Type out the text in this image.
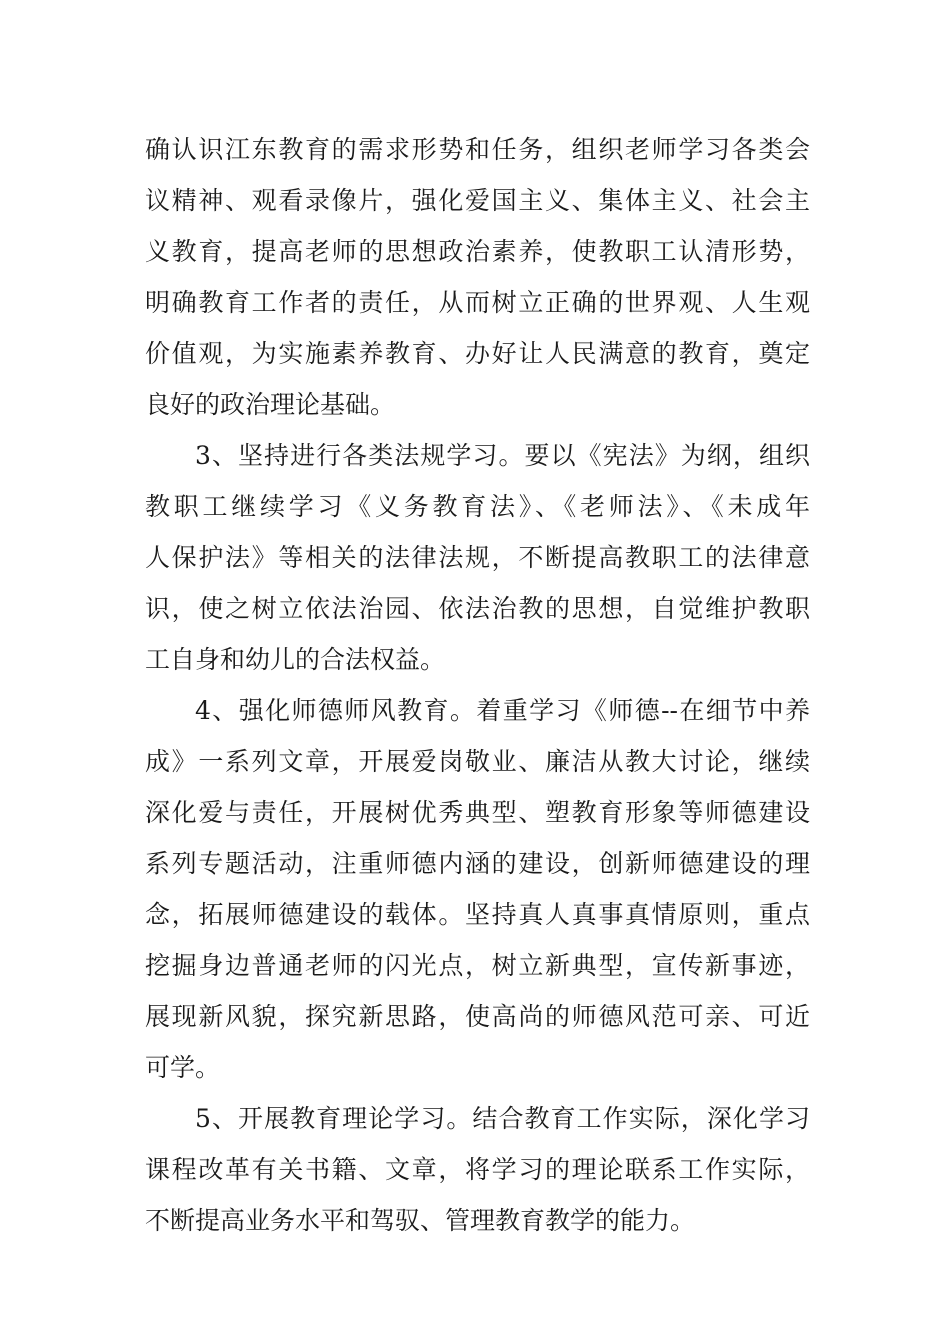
确认识江东教育的需求形势和任务，组织老师学习各类会
议精神、观看录像片，强化爱国主义、集体主义、社会主
义教育，提高老师的思想政治素养，使教职工认清形势，
明确教育工作者的责任，从而树立正确的世界观、人生观
价值观，为实施素养教育、办好让人民满意的教育，奠定
良好的政治理论基础。
3、坚持进行各类法规学习。要以《宪法》为纲，组织
教职工继续学习《义务教育法》、《老师法》、《未成年
人保护法》等相关的法律法规，不断提高教职工的法律意
识，使之树立依法治园、依法治教的思想，自觉维护教职
工自身和幼儿的合法权益。
4、强化师德师风教育。着重学习《师德--在细节中养
成》一系列文章，开展爱岗敬业、廉洁从教大讨论，继续
深化爱与责任，开展树优秀典型、塑教育形象等师德建设
系列专题活动，注重师德内涵的建设，创新师德建设的理
念，拓展师德建设的载体。坚持真人真事真情原则，重点
挖掘身边普通老师的闪光点，树立新典型，宣传新事迹，
展现新风貌，探究新思路，使高尚的师德风范可亲、可近
可学。
5、开展教育理论学习。结合教育工作实际，深化学习
课程改革有关书籍、文章，将学习的理论联系工作实际，
不断提高业务水平和驾驭、管理教育教学的能力。
